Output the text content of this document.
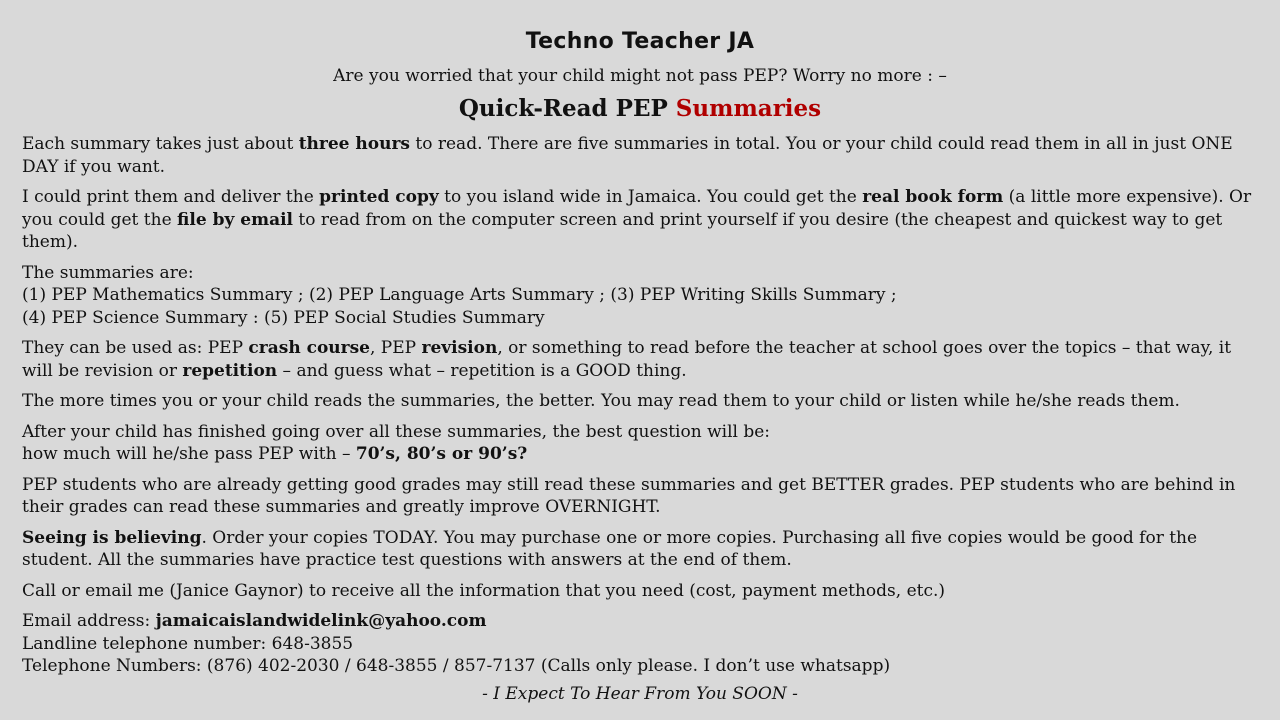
Techno Teacher JA
Are you worried that your child might not pass PEP? Worry no more : –
Quick-Read PEP Summaries

Each summary takes just about three hours to read. There are five summaries in total. You or your child could read them in all in just ONE DAY if you want.

I could print them and deliver the printed copy to you island wide in Jamaica. You could get the real book form (a little more expensive). Or you could get the file by email to read from on the computer screen and print yourself if you desire (the cheapest and quickest way to get them).

The summaries are:
(1) PEP Mathematics Summary ; (2) PEP Language Arts Summary ; (3) PEP Writing Skills Summary ;
(4) PEP Science Summary : (5) PEP Social Studies Summary

They can be used as: PEP crash course, PEP revision, or something to read before the teacher at school goes over the topics – that way, it will be revision or repetition – and guess what – repetition is a GOOD thing.

The more times you or your child reads the summaries, the better. You may read them to your child or listen while he/she reads them.

After your child has finished going over all these summaries, the best question will be:
how much will he/she pass PEP with – 70’s, 80’s or 90’s?

PEP students who are already getting good grades may still read these summaries and get BETTER grades. PEP students who are behind in their grades can read these summaries and greatly improve OVERNIGHT.

Seeing is believing. Order your copies TODAY. You may purchase one or more copies. Purchasing all five copies would be good for the student. All the summaries have practice test questions with answers at the end of them.

Call or email me (Janice Gaynor) to receive all the information that you need (cost, payment methods, etc.)

Email address: jamaicaislandwidelink@yahoo.com
Landline telephone number: 648-3855
Telephone Numbers: (876) 402-2030 / 648-3855 / 857-7137 (Calls only please. I don’t use whatsapp)

- I Expect To Hear From You SOON -
